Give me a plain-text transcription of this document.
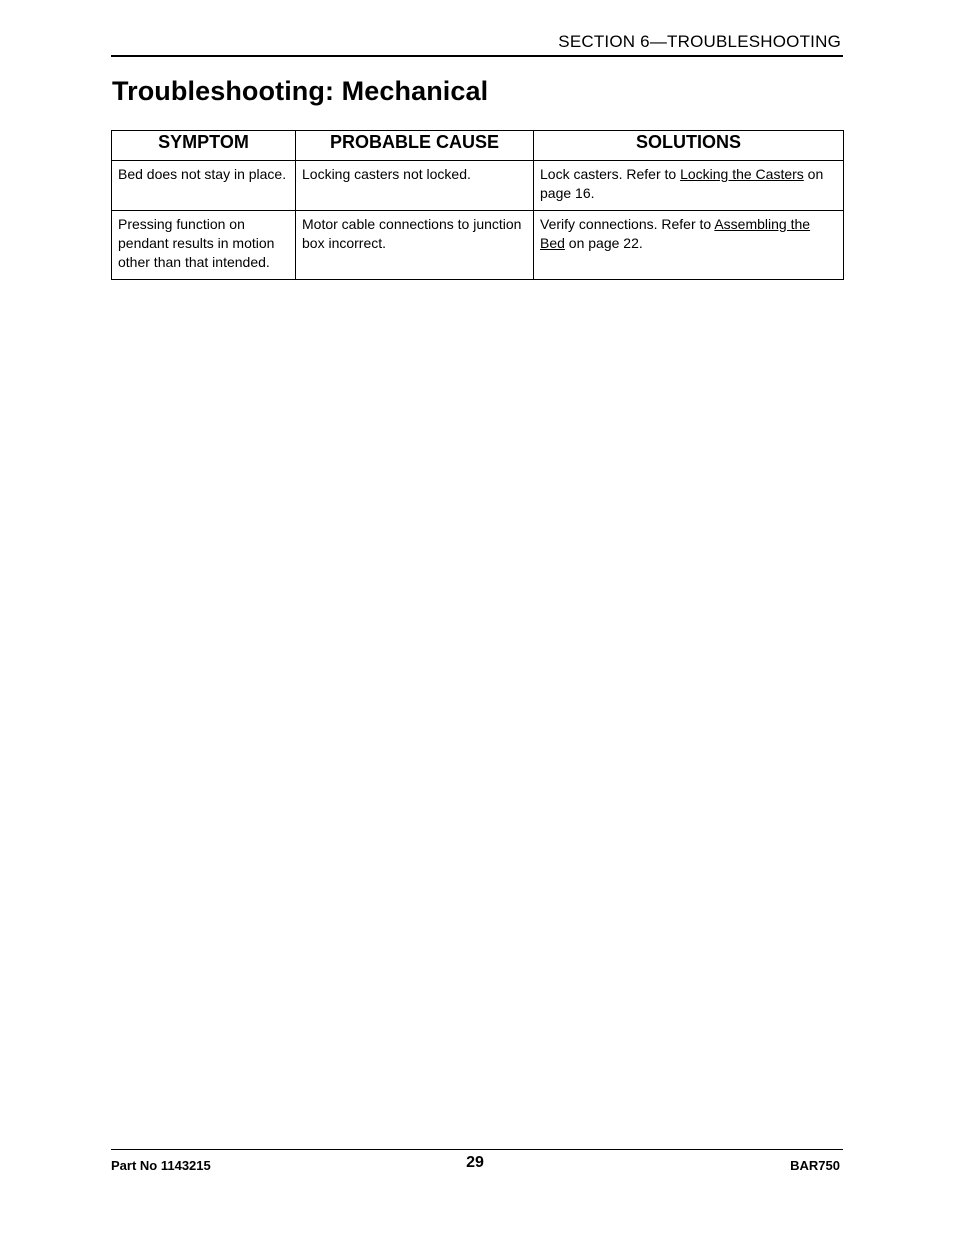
SECTION 6—TROUBLESHOOTING
Troubleshooting: Mechanical
SYMPTOM	PROBABLE CAUSE	SOLUTIONS
Bed does not stay in place.	Locking casters not locked.	Lock casters. Refer to Locking the Casters on page 16.
Pressing function on pendant results in motion other than that intended.	Motor cable connections to junction box incorrect.	Verify connections. Refer to Assembling the Bed on page 22.
Part No 1143215	29	BAR750
